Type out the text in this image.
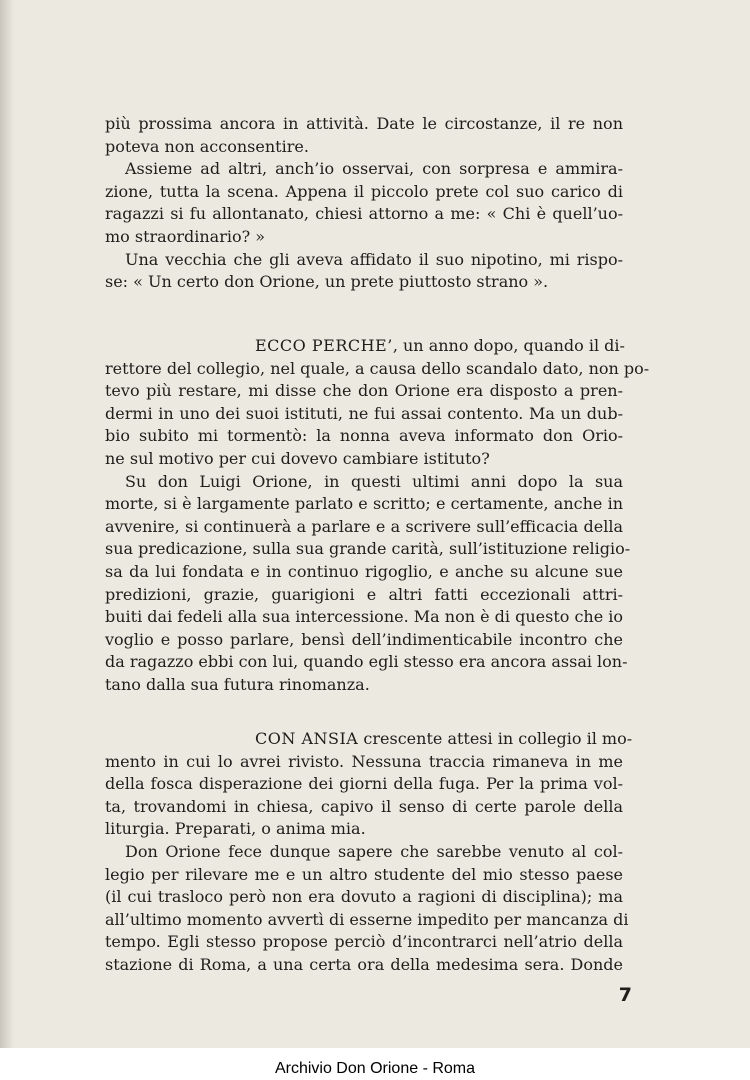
più prossima ancora in attività. Date le circostanze, il re non
poteva non acconsentire.
Assieme ad altri, anch’io osservai, con sorpresa e ammira-
zione, tutta la scena. Appena il piccolo prete col suo carico di
ragazzi si fu allontanato, chiesi attorno a me: « Chi è quell’uo-
mo straordinario? »
Una vecchia che gli aveva affidato il suo nipotino, mi rispo-
se: « Un certo don Orione, un prete piuttosto strano ».
ECCO PERCHE’, un anno dopo, quando il di-
rettore del collegio, nel quale, a causa dello scandalo dato, non po-
tevo più restare, mi disse che don Orione era disposto a pren-
dermi in uno dei suoi istituti, ne fui assai contento. Ma un dub-
bio subito mi tormentò: la nonna aveva informato don Orio-
ne sul motivo per cui dovevo cambiare istituto?
Su don Luigi Orione, in questi ultimi anni dopo la sua
morte, si è largamente parlato e scritto; e certamente, anche in
avvenire, si continuerà a parlare e a scrivere sull’efficacia della
sua predicazione, sulla sua grande carità, sull’istituzione religio-
sa da lui fondata e in continuo rigoglio, e anche su alcune sue
predizioni, grazie, guarigioni e altri fatti eccezionali attri-
buiti dai fedeli alla sua intercessione. Ma non è di questo che io
voglio e posso parlare, bensì dell’indimenticabile incontro che
da ragazzo ebbi con lui, quando egli stesso era ancora assai lon-
tano dalla sua futura rinomanza.
CON ANSIA crescente attesi in collegio il mo-
mento in cui lo avrei rivisto. Nessuna traccia rimaneva in me
della fosca disperazione dei giorni della fuga. Per la prima vol-
ta, trovandomi in chiesa, capivo il senso di certe parole della
liturgia. Preparati, o anima mia.
Don Orione fece dunque sapere che sarebbe venuto al col-
legio per rilevare me e un altro studente del mio stesso paese
(il cui trasloco però non era dovuto a ragioni di disciplina); ma
all’ultimo momento avvertì di esserne impedito per mancanza di
tempo. Egli stesso propose perciò d’incontrarci nell’atrio della
stazione di Roma, a una certa ora della medesima sera. Donde
7
Archivio Don Orione - Roma
